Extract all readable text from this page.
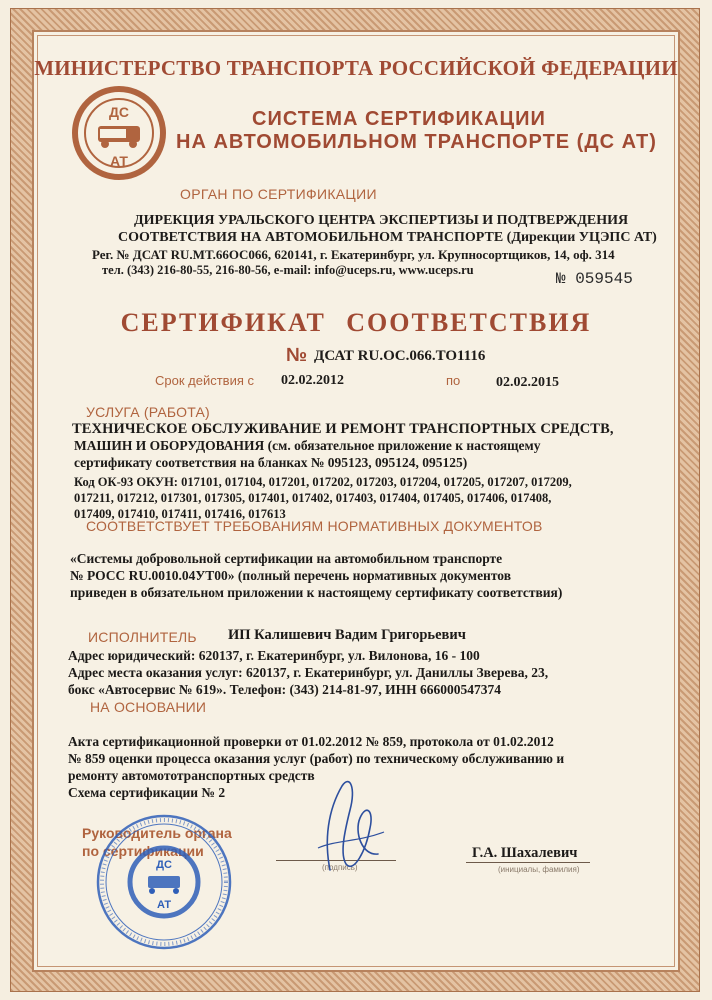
МИНИСТЕРСТВО ТРАНСПОРТА РОССИЙСКОЙ ФЕДЕРАЦИИ
ДС
АТ
СИСТЕМА СЕРТИФИКАЦИИ
НА АВТОМОБИЛЬНОМ ТРАНСПОРТЕ (ДС АТ)
ОРГАН ПО СЕРТИФИКАЦИИ
ДИРЕКЦИЯ УРАЛЬСКОГО ЦЕНТРА ЭКСПЕРТИЗЫ И ПОДТВЕРЖДЕНИЯ
СООТВЕТСТВИЯ НА АВТОМОБИЛЬНОМ ТРАНСПОРТЕ (Дирекции УЦЭПС АТ)
Рег. № ДСАТ RU.MT.66OC066, 620141, г. Екатеринбург, ул. Крупносортщиков, 14, оф. 314
тел. (343) 216-80-55, 216-80-56, e-mail: info@uceps.ru, www.uceps.ru	№ 059545
СЕРТИФИКАТ СООТВЕТСТВИЯ
№ ДСАТ RU.OC.066.TO1116
Срок действия с 02.02.2012	по	02.02.2015
УСЛУГА (РАБОТА)
ТЕХНИЧЕСКОЕ ОБСЛУЖИВАНИЕ И РЕМОНТ ТРАНСПОРТНЫХ СРЕДСТВ,
МАШИН И ОБОРУДОВАНИЯ (см. обязательное приложение к настоящему
сертификату соответствия на бланках № 095123, 095124, 095125)
Код ОК-93 ОКУН: 017101, 017104, 017201, 017202, 017203, 017204, 017205, 017207, 017209,
017211, 017212, 017301, 017305, 017401, 017402, 017403, 017404, 017405, 017406, 017408,
017409, 017410, 017411, 017416, 017613
СООТВЕТСТВУЕТ ТРЕБОВАНИЯМ НОРМАТИВНЫХ ДОКУМЕНТОВ
«Системы добровольной сертификации на автомобильном транспорте
№ РОСС RU.0010.04УТ00» (полный перечень нормативных документов
приведен в обязательном приложении к настоящему сертификату соответствия)
ИСПОЛНИТЕЛЬ ИП Калишевич Вадим Григорьевич
Адрес юридический: 620137, г. Екатеринбург, ул. Вилонова, 16 - 100
Адрес места оказания услуг: 620137, г. Екатеринбург, ул. Даниллы Зверева, 23,
бокс «Автосервис № 619». Телефон: (343) 214-81-97, ИНН 666000547374
НА ОСНОВАНИИ
Акта сертификационной проверки от 01.02.2012 № 859, протокола от 01.02.2012
№ 859 оценки процесса оказания услуг (работ) по техническому обслуживанию и
ремонту автомототранспортных средств
Схема сертификации № 2
Руководитель органа
по сертификации
(подпись)	(инициалы, фамилия)
Г.А. Шахалевич
ДС
АТ
